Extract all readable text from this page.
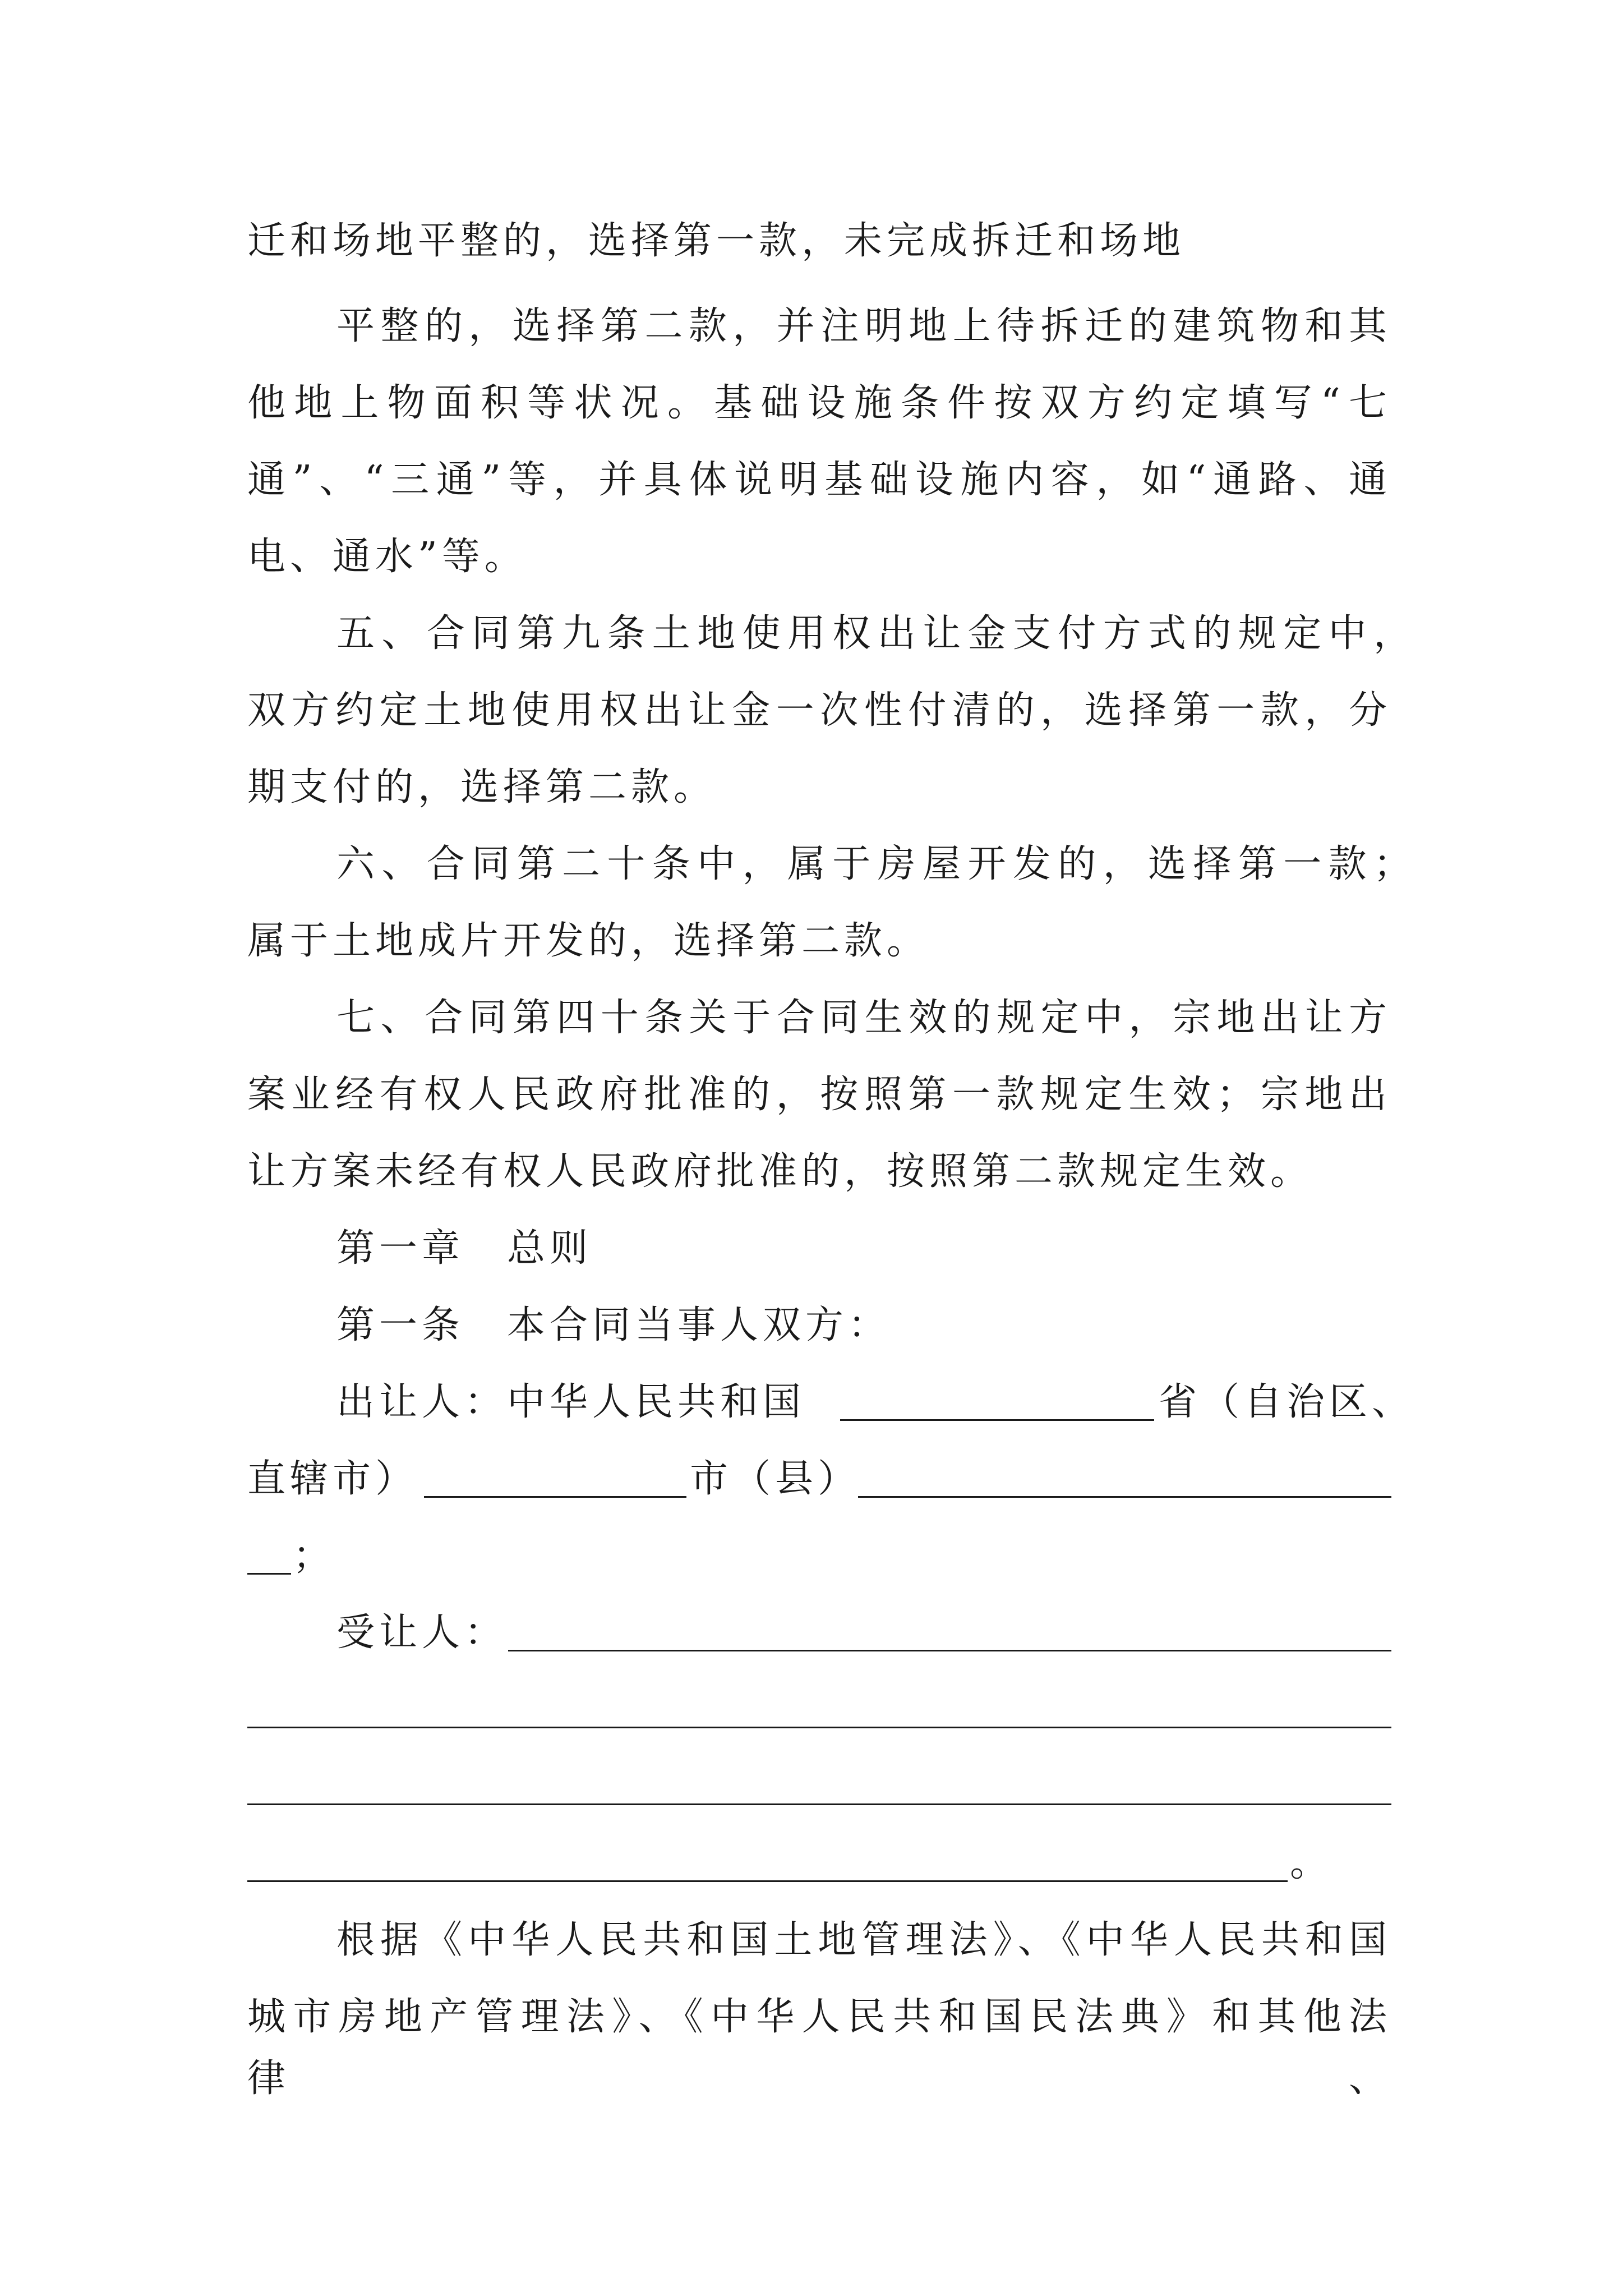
迁和场地平整的，选择第一款，未完成拆迁和场地
平整的，选择第二款，并注明地上待拆迁的建筑物和其
他地上物面积等状况。基础设施条件按双方约定填写“七
通”、“三通”等，并具体说明基础设施内容，如“通路、通
电、通水”等。
五、合同第九条土地使用权出让金支付方式的规定中，
双方约定土地使用权出让金一次性付清的，选择第一款，分
期支付的，选择第二款。
六、合同第二十条中，属于房屋开发的，选择第一款；
属于土地成片开发的，选择第二款。
七、合同第四十条关于合同生效的规定中，宗地出让方
案业经有权人民政府批准的，按照第一款规定生效；宗地出
让方案未经有权人民政府批准的，按照第二款规定生效。
第一章　总则
第一条　本合同当事人双方：
出让人：中华人民共和国	省（自治区、
直辖市）	市（县）
；
受让人：
。
根据《中华人民共和国土地管理法》、《中华人民共和国
城市房地产管理法》、《中华人民共和国民法典》和其他法律、
